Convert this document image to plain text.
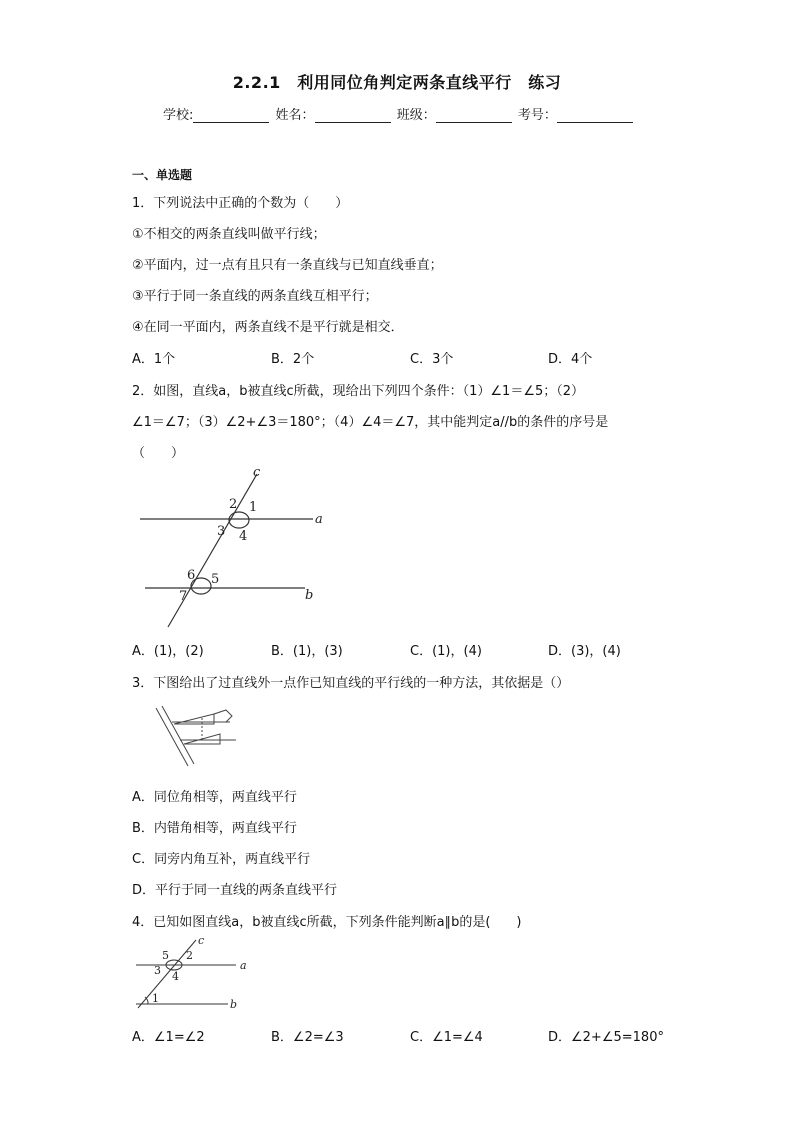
2.2.1　利用同位角判定两条直线平行　练习
学校:	姓名：	班级：	考号：
一、单选题
1．下列说法中正确的个数为（　　）
①不相交的两条直线叫做平行线；
②平面内，过一点有且只有一条直线与已知直线垂直；
③平行于同一条直线的两条直线互相平行；
④在同一平面内，两条直线不是平行就是相交．
A．1个	B．2个	C．3个	D．4个
2．如图，直线a，b被直线c所截，现给出下列四个条件：（1）∠1＝∠5；（2）
∠1＝∠7；（3）∠2+∠3＝180°；（4）∠4＝∠7，其中能判定a//b的条件的序号是
（　　）
c
a
b
2 1
3 4
6 5
7
A．(1)，(2)	B．(1)，(3)	C．(1)，(4)	D．(3)，(4)
3．下图给出了过直线外一点作已知直线的平行线的一种方法，其依据是（）
A．同位角相等，两直线平行
B．内错角相等，两直线平行
C．同旁内角互补，两直线平行
D．平行于同一直线的两条直线平行
4．已知如图直线a，b被直线c所截，下列条件能判断a∥b的是(　　)
c
a
b
5 2
3 4
1
A．∠1=∠2	B．∠2=∠3	C．∠1=∠4	D．∠2+∠5=180°
